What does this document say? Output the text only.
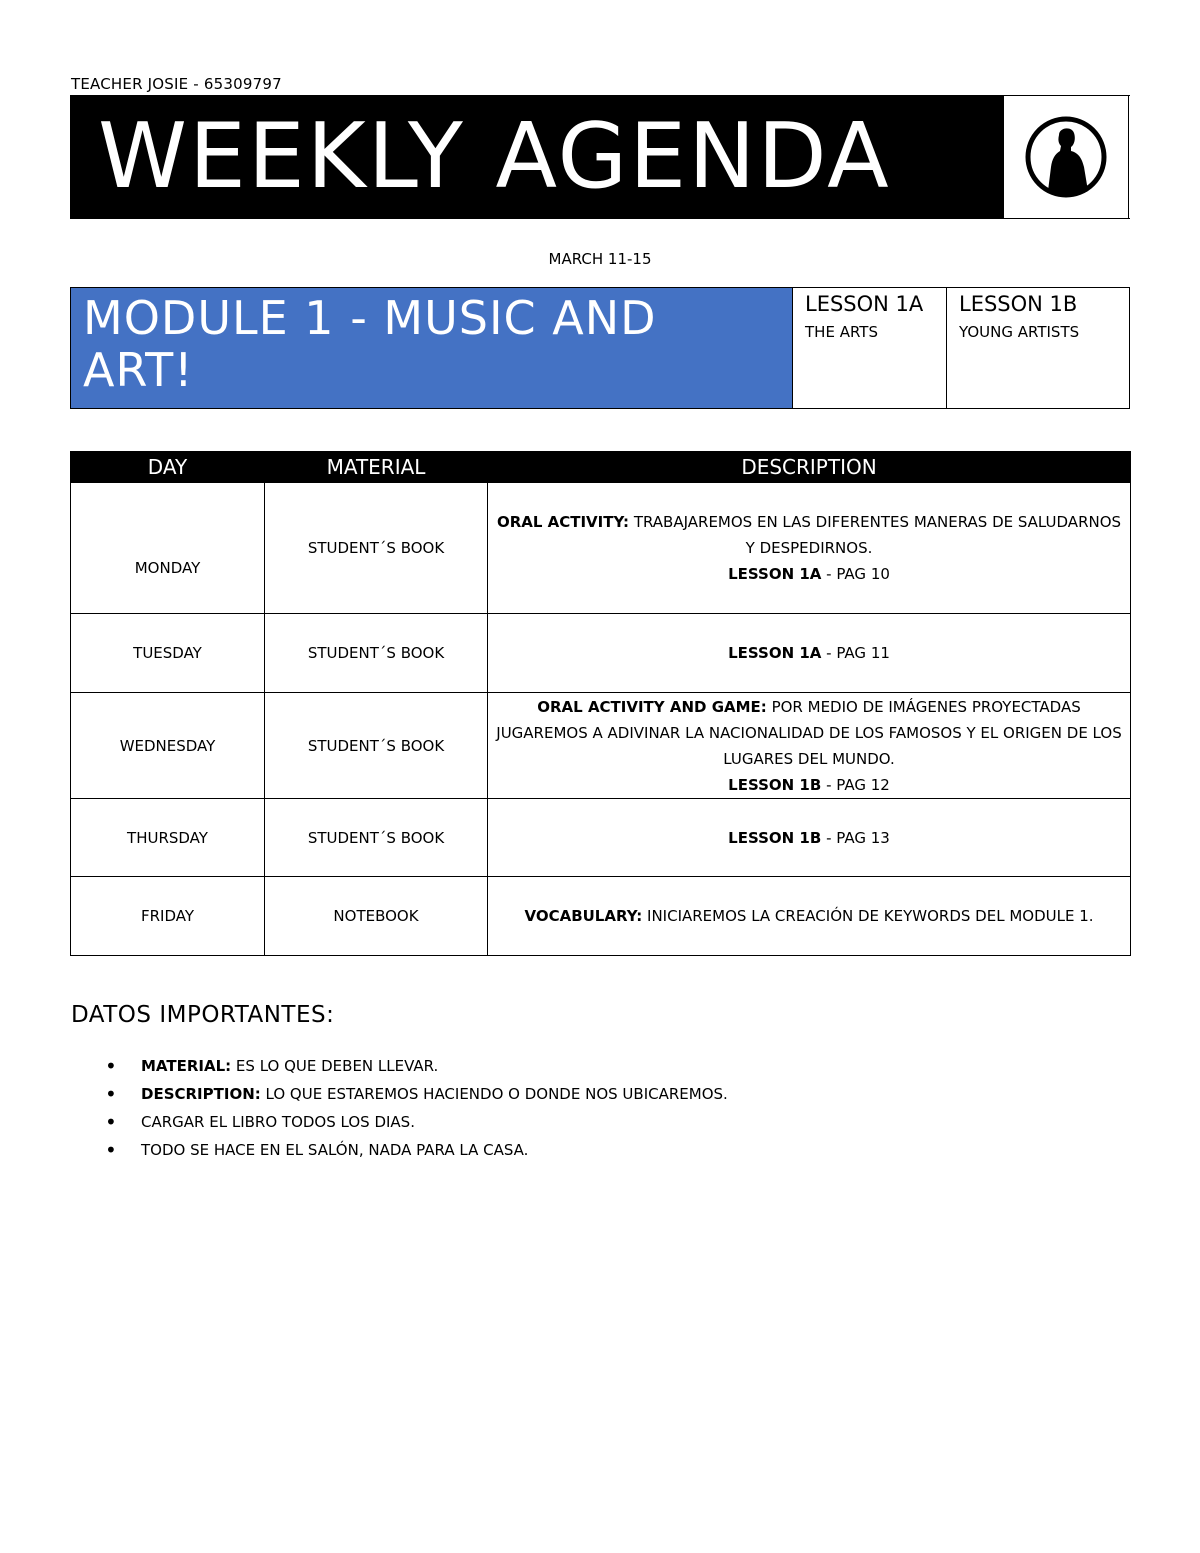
TEACHER JOSIE - 65309797
WEEKLY AGENDA
MARCH 11-15
MODULE 1 - MUSIC AND ART!
LESSON 1A
THE ARTS
LESSON 1B
YOUNG ARTISTS
DAY	MATERIAL	DESCRIPTION
MONDAY	STUDENT´S BOOK	ORAL ACTIVITY: TRABAJAREMOS EN LAS DIFERENTES MANERAS DE SALUDARNOS Y DESPEDIRNOS.
LESSON 1A - PAG 10
TUESDAY	STUDENT´S BOOK	LESSON 1A - PAG 11
WEDNESDAY	STUDENT´S BOOK	ORAL ACTIVITY AND GAME: POR MEDIO DE IMÁGENES PROYECTADAS JUGAREMOS A ADIVINAR LA NACIONALIDAD DE LOS FAMOSOS Y EL ORIGEN DE LOS LUGARES DEL MUNDO.
LESSON 1B - PAG 12
THURSDAY	STUDENT´S BOOK	LESSON 1B - PAG 13
FRIDAY	NOTEBOOK	VOCABULARY: INICIAREMOS LA CREACIÓN DE KEYWORDS DEL MODULE 1.
DATOS IMPORTANTES:
• MATERIAL: ES LO QUE DEBEN LLEVAR.
• DESCRIPTION: LO QUE ESTAREMOS HACIENDO O DONDE NOS UBICAREMOS.
• CARGAR EL LIBRO TODOS LOS DIAS.
• TODO SE HACE EN EL SALÓN, NADA PARA LA CASA.
